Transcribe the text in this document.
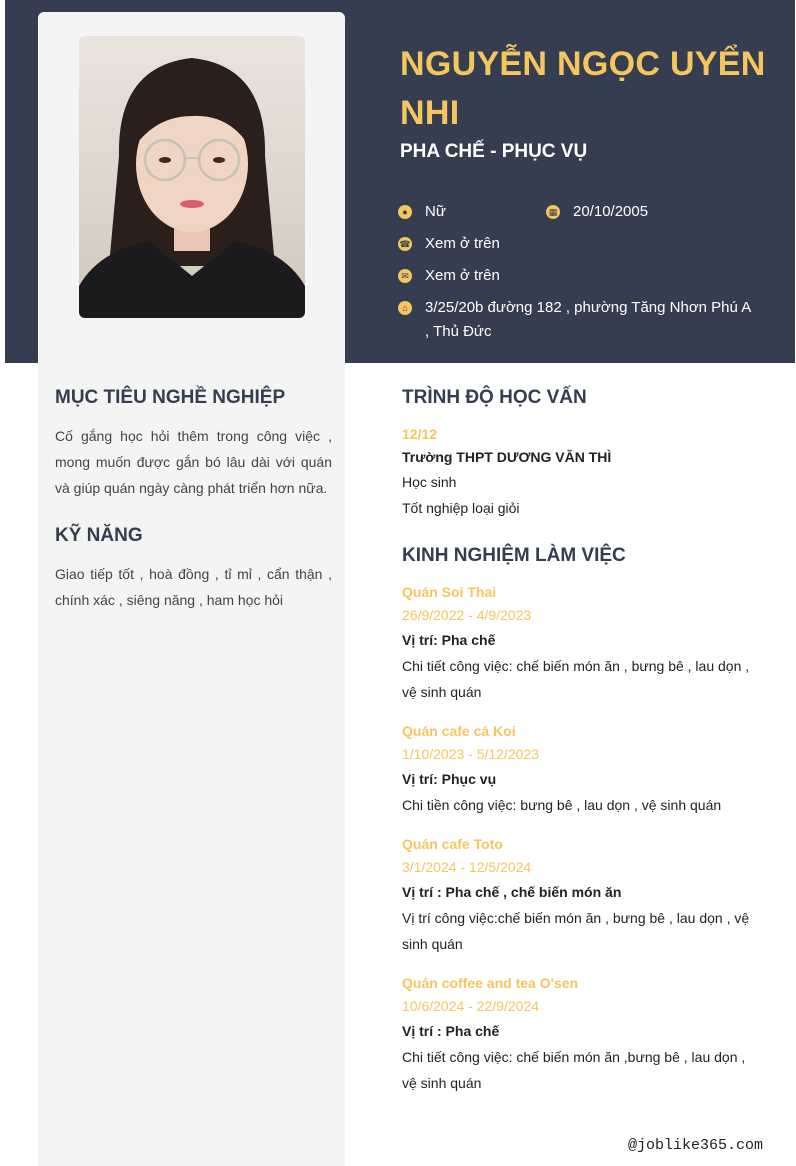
NGUYỄN NGỌC UYỂN NHI
PHA CHẾ - PHỤC VỤ
●	Nữ	▦	20/10/2005
☎ Xem ở trên
✉	Xem ở trên
⌂	3/25/20b đường 182 , phường Tăng Nhơn Phú A , Thủ Đức
MỤC TIÊU NGHỀ NGHIỆP

Cố gắng học hỏi thêm trong công việc , mong muốn được gắn bó lâu dài với quán và giúp quán ngày càng phát triển hơn nữa.

KỸ NĂNG

Giao tiếp tốt , hoà đồng , tỉ mỉ , cẩn thận , chính xác , siêng năng , ham học hỏi

TRÌNH ĐỘ HỌC VẤN
12/12
Trường THPT DƯƠNG VĂN THÌ
Học sinh
Tốt nghiệp loại giỏi
KINH NGHIỆM LÀM VIỆC
Quán Soi Thai
26/9/2022 - 4/9/2023
Vị trí: Pha chế
Chi tiết công việc: chế biến món ăn , bưng bê , lau dọn , vệ sinh quán
Quán cafe cá Koi
1/10/2023 - 5/12/2023
Vị trí: Phục vụ
Chi tiền công việc: bưng bê , lau dọn , vệ sinh quán
Quán cafe Toto
3/1/2024 - 12/5/2024
Vị trí : Pha chế , chế biến món ăn
Vị trí công việc:chế biến món ăn , bưng bê , lau dọn , vệ sinh quán
Quán coffee and tea O'sen
10/6/2024 - 22/9/2024
Vị trí : Pha chế
Chi tiết công việc: chế biến món ăn ,bưng bê , lau dọn , vệ sinh quán
@joblike365.com
